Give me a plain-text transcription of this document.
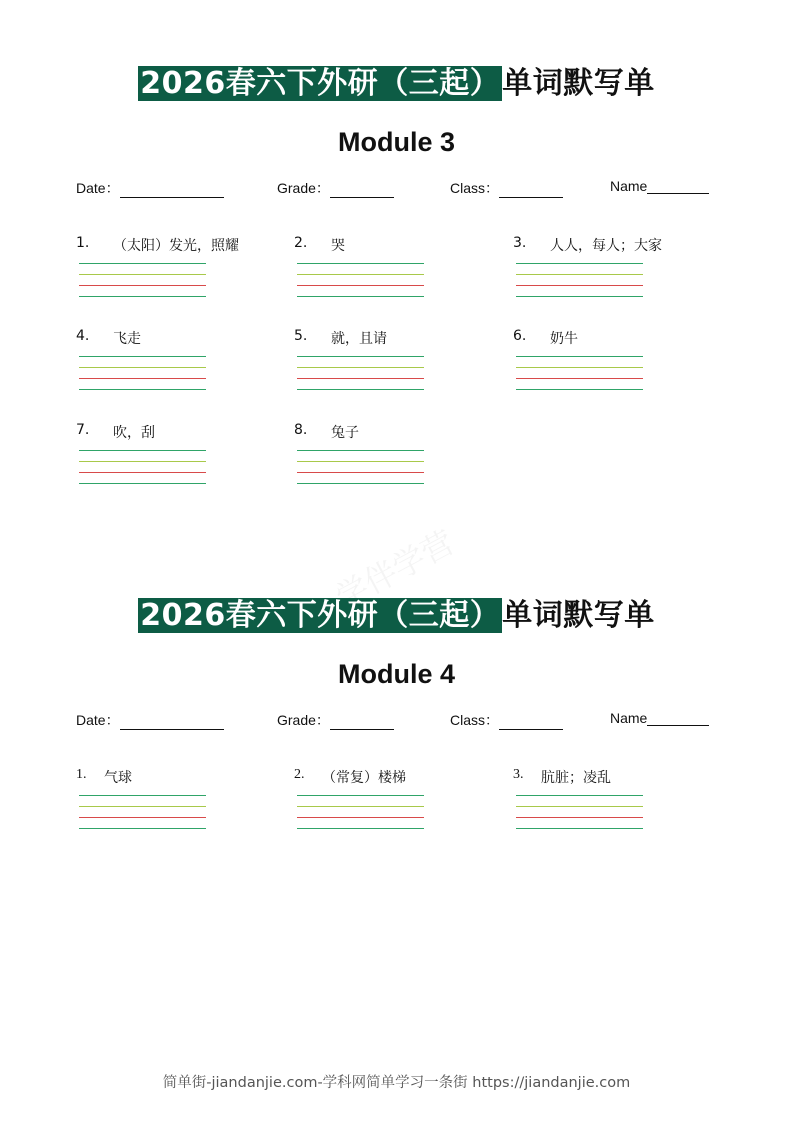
2026春六下外研（三起）单词默写单
Module 3
Date：	Grade：	Class：	Name
1. （太阳）发光，照耀	2. 哭	3. 人人，每人；大家
4. 飞走	5. 就，且请	6. 奶牛
7. 吹，刮	8. 兔子
2026春六下外研（三起）单词默写单
Module 4
Date：	Grade：	Class：	Name
1. 气球	2. （常复）楼梯	3. 肮脏；凌乱
简单街-jiandanjie.com-学科网简单学习一条街 https://jiandanjie.com
